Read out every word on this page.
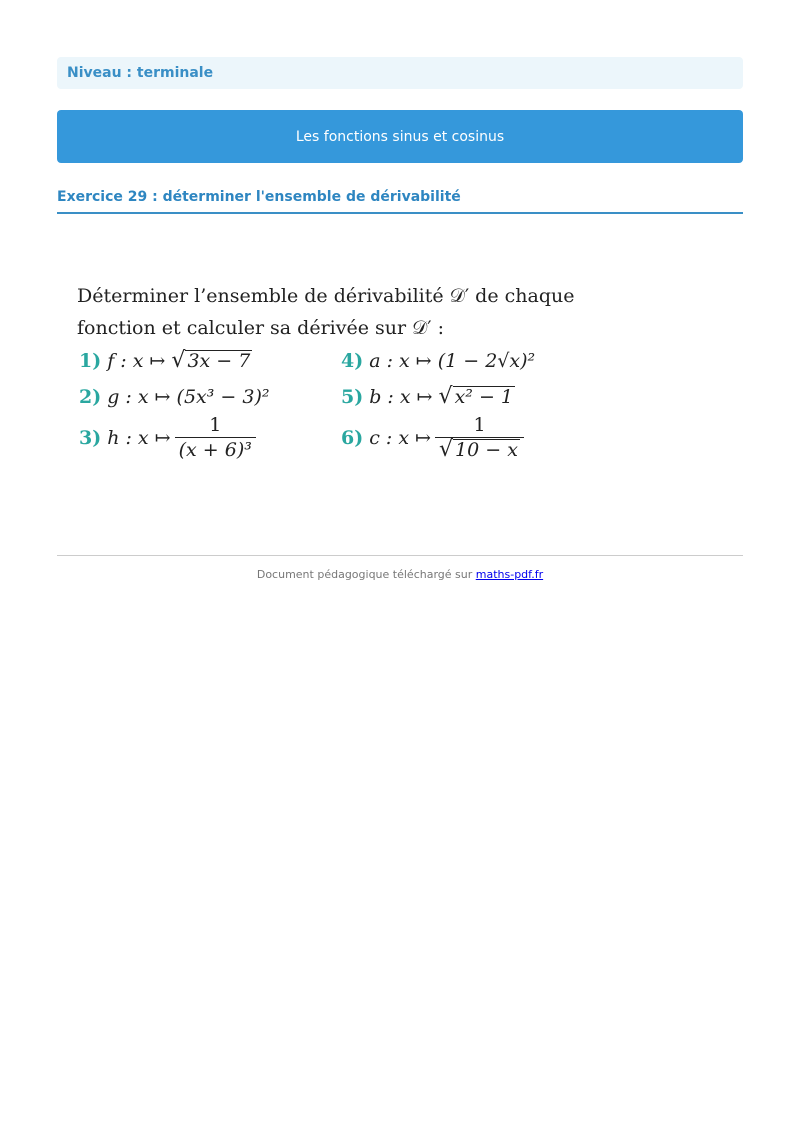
Niveau : terminale
Les fonctions sinus et cosinus
Exercice 29 : déterminer l'ensemble de dérivabilité

Déterminer l’ensemble de dérivabilité 𝒟′ de chaque

fonction et calculer sa dérivée sur 𝒟′ :

1) f : x ↦ √ 3x − 7
2) g : x ↦ (5x³ − 3)²
3) h : x ↦ $\frac{1}{\text{(x + 6)³}}$
4) a : x ↦ (1 − 2√x)²
5) b : x ↦ √ x² − 1
6) c : x ↦ $\frac{1}{√ 10 - x}$
Document pédagogique téléchargé sur maths-pdf.fr
